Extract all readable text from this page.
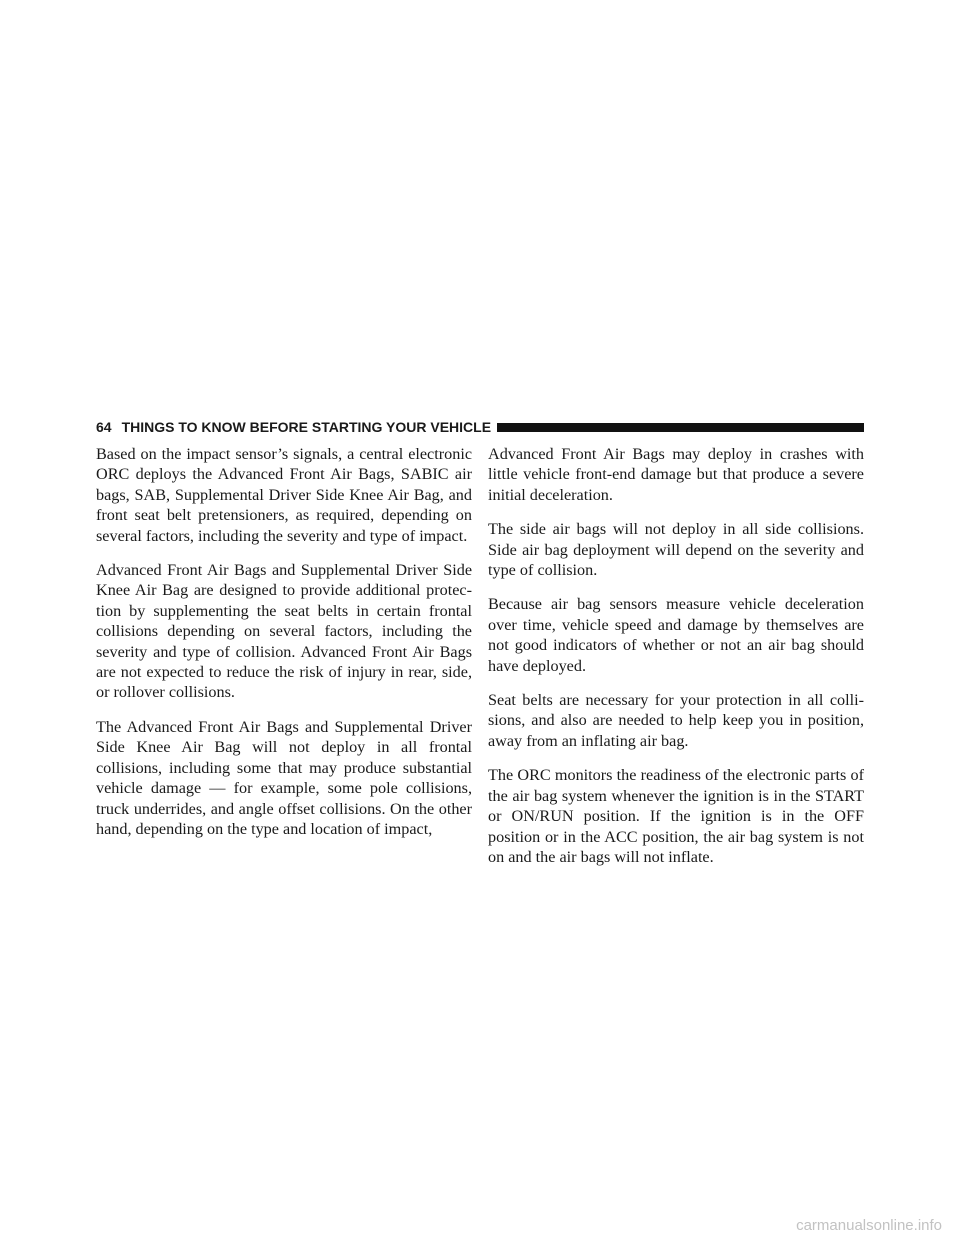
64 THINGS TO KNOW BEFORE STARTING YOUR VEHICLE

Based on the impact sensor’s signals, a central electronic ORC deploys the Advanced Front Air Bags, SABIC air bags, SAB, Supplemental Driver Side Knee Air Bag, and front seat belt pretensioners, as required, depending on several factors, including the severity and type of impact.

Advanced Front Air Bags and Supplemental Driver Side Knee Air Bag are designed to provide additional protec-tion by supplementing the seat belts in certain frontal collisions depending on several factors, including the severity and type of collision. Advanced Front Air Bags are not expected to reduce the risk of injury in rear, side, or rollover collisions.

The Advanced Front Air Bags and Supplemental Driver Side Knee Air Bag will not deploy in all frontal collisions, including some that may produce substantial vehicle damage — for example, some pole collisions, truck underrides, and angle offset collisions. On the other hand, depending on the type and location of impact,

Advanced Front Air Bags may deploy in crashes with little vehicle front-end damage but that produce a severe initial deceleration.

The side air bags will not deploy in all side collisions. Side air bag deployment will depend on the severity and type of collision.

Because air bag sensors measure vehicle deceleration over time, vehicle speed and damage by themselves are not good indicators of whether or not an air bag should have deployed.

Seat belts are necessary for your protection in all colli-sions, and also are needed to help keep you in position, away from an inflating air bag.

The ORC monitors the readiness of the electronic parts of the air bag system whenever the ignition is in the START or ON/RUN position. If the ignition is in the OFF position or in the ACC position, the air bag system is not on and the air bags will not inflate.

carmanualsonline.info
